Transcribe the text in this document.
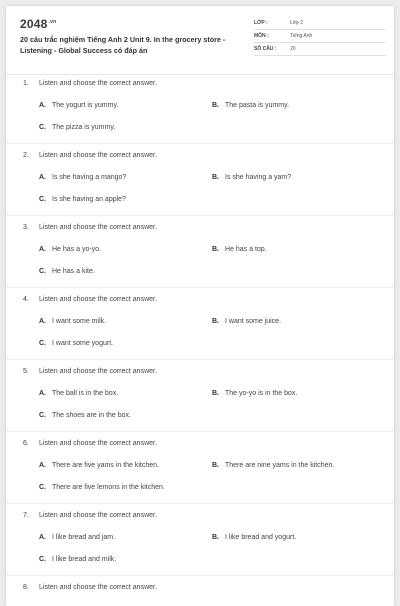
$2048^{.vn}$
20 câu trắc nghiệm Tiếng Anh 2 Unit 9. In the grocery store - Listening - Global Success có đáp án
LỚP :	Lớp 2
MÔN :	Tiếng Anh
SỐ CÂU :	20
1. Listen and choose the correct answer.
A. The yogurt is yummy.	B. The pasta is yummy.
C. The pizza is yummy.
2. Listen and choose the correct answer.
A. Is she having a mango?	B. Is she having a yam?
C. Is she having an apple?
3. Listen and choose the correct answer.
A. He has a yo-yo.	B. He has a top.
C. He has a kite.
4. Listen and choose the correct answer.
A. I want some milk.	B. I want some juice.
C. I want some yogurt.
5. Listen and choose the correct answer.
A. The ball is in the box.	B. The yo-yo is in the box.
C. The shoes are in the box.
6. Listen and choose the correct answer.
A. There are five yams in the kitchen.	B. There are nine yams in the kitchen.
C. There are five lemons in the kitchen.
7. Listen and choose the correct answer.
A. I like bread and jam.	B. I like bread and yogurt.
C. I like bread and milk.
8. Listen and choose the correct answer.
